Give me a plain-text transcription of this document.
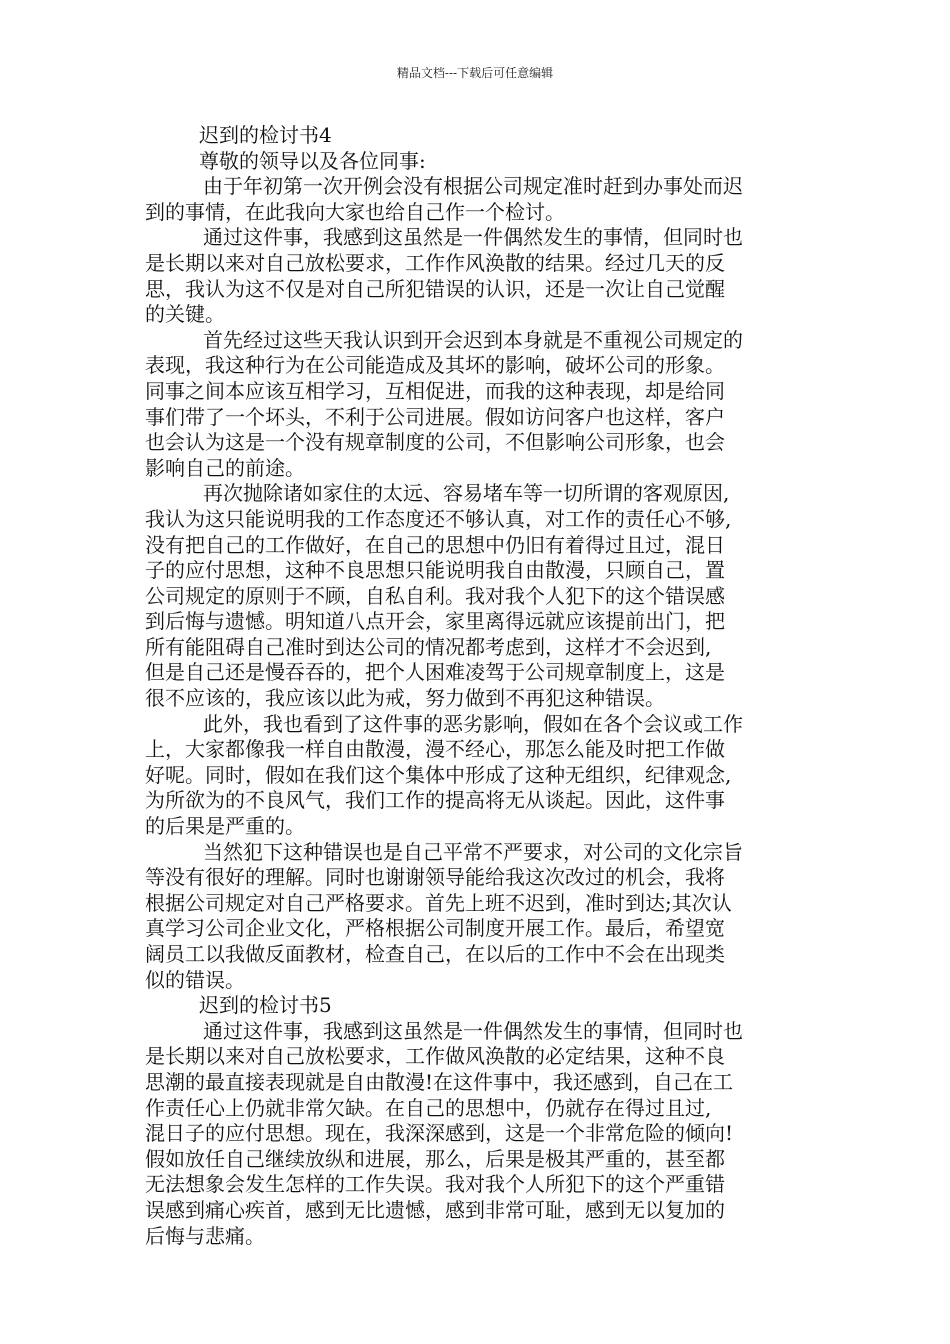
精品文档---下载后可任意编辑
迟到的检讨书4
尊敬的领导以及各位同事:
由于年初第一次开例会没有根据公司规定准时赶到办事处而迟
到的事情，在此我向大家也给自己作一个检讨。
通过这件事，我感到这虽然是一件偶然发生的事情，但同时也
是长期以来对自己放松要求，工作作风涣散的结果。经过几天的反
思，我认为这不仅是对自己所犯错误的认识，还是一次让自己觉醒
的关键。
首先经过这些天我认识到开会迟到本身就是不重视公司规定的
表现，我这种行为在公司能造成及其坏的影响，破坏公司的形象。
同事之间本应该互相学习，互相促进，而我的这种表现，却是给同
事们带了一个坏头，不利于公司进展。假如访问客户也这样，客户
也会认为这是一个没有规章制度的公司，不但影响公司形象，也会
影响自己的前途。
再次抛除诸如家住的太远、容易堵车等一切所谓的客观原因,
我认为这只能说明我的工作态度还不够认真，对工作的责任心不够,
没有把自己的工作做好，在自己的思想中仍旧有着得过且过，混日
子的应付思想，这种不良思想只能说明我自由散漫，只顾自己，置
公司规定的原则于不顾，自私自利。我对我个人犯下的这个错误感
到后悔与遗憾。明知道八点开会，家里离得远就应该提前出门，把
所有能阻碍自己准时到达公司的情况都考虑到，这样才不会迟到,
但是自己还是慢吞吞的，把个人困难凌驾于公司规章制度上，这是
很不应该的，我应该以此为戒，努力做到不再犯这种错误。
此外，我也看到了这件事的恶劣影响，假如在各个会议或工作
上，大家都像我一样自由散漫，漫不经心，那怎么能及时把工作做
好呢。同时，假如在我们这个集体中形成了这种无组织，纪律观念,
为所欲为的不良风气，我们工作的提高将无从谈起。因此，这件事
的后果是严重的。
当然犯下这种错误也是自己平常不严要求，对公司的文化宗旨
等没有很好的理解。同时也谢谢领导能给我这次改过的机会，我将
根据公司规定对自己严格要求。首先上班不迟到，准时到达;其次认
真学习公司企业文化，严格根据公司制度开展工作。最后，希望宽
阔员工以我做反面教材，检查自己，在以后的工作中不会在出现类
似的错误。
迟到的检讨书5
通过这件事，我感到这虽然是一件偶然发生的事情，但同时也
是长期以来对自己放松要求，工作做风涣散的必定结果，这种不良
思潮的最直接表现就是自由散漫!在这件事中，我还感到，自己在工
作责任心上仍就非常欠缺。在自己的思想中，仍就存在得过且过,
混日子的应付思想。现在，我深深感到，这是一个非常危险的倾向!
假如放任自己继续放纵和进展，那么，后果是极其严重的，甚至都
无法想象会发生怎样的工作失误。我对我个人所犯下的这个严重错
误感到痛心疾首，感到无比遗憾，感到非常可耻，感到无以复加的
后悔与悲痛。
